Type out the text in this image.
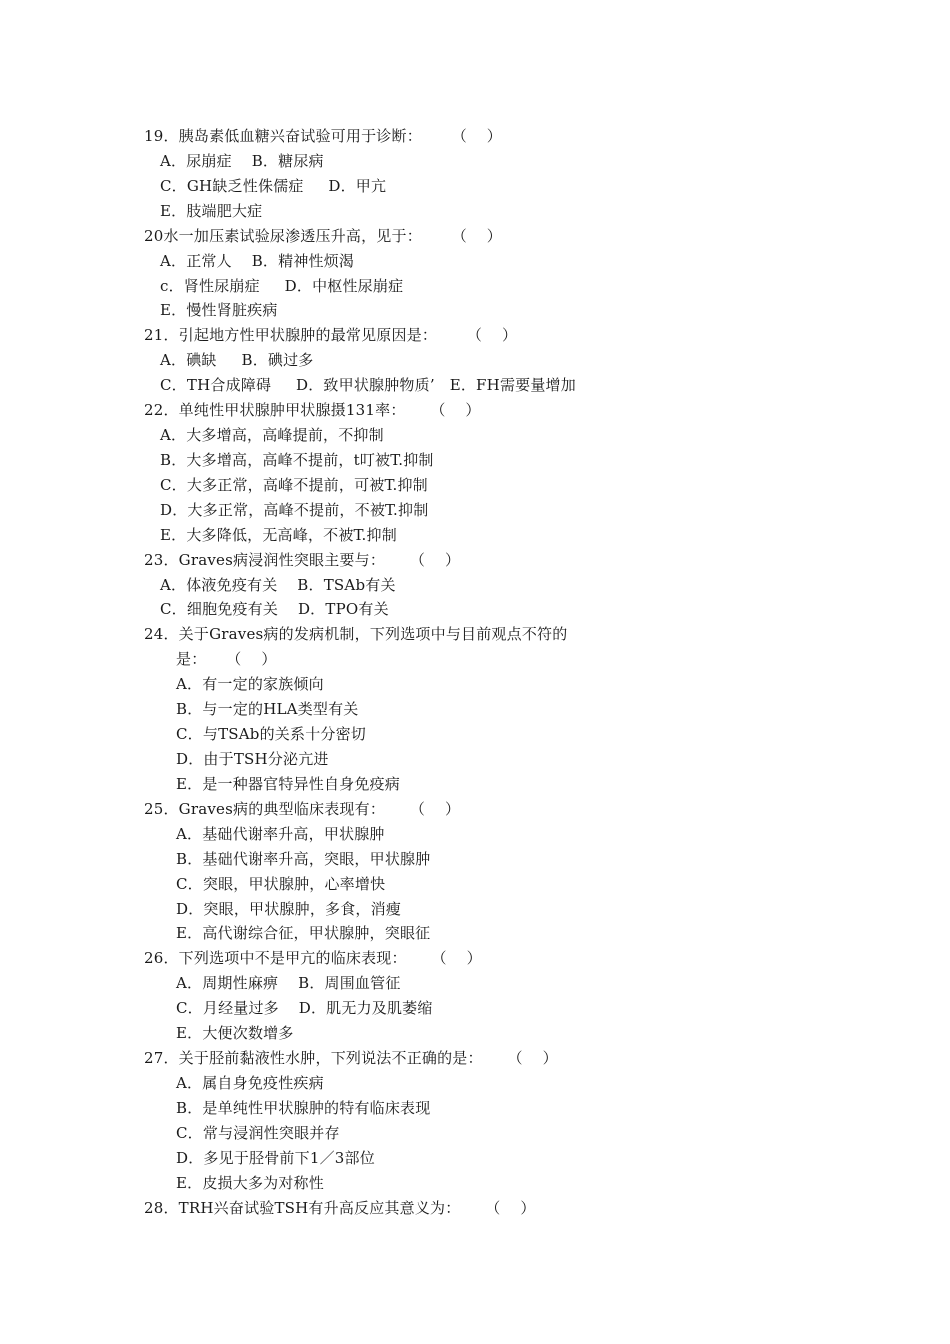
19．胰岛素低血糖兴奋试验可用于诊断：      （    ）
A．尿崩症    B．糖尿病
C．GH缺乏性侏儒症     D．甲亢
E．肢端肥大症
20水一加压素试验尿渗透压升高，见于：      （    ）
A．正常人    B．精神性烦渴
c．肾性尿崩症     D．中枢性尿崩症
E．慢性肾脏疾病
21．引起地方性甲状腺肿的最常见原因是：      （    ）
A．碘缺     B．碘过多
C．TH合成障碍     D．致甲状腺肿物质’   E．FH需要量增加
22．单纯性甲状腺肿甲状腺摄131率：     （    ）
A．大多增高，高峰提前，不抑制
B．大多增高，高峰不提前，t叮被T.抑制
C．大多正常，高峰不提前，可被T.抑制
D．大多正常，高峰不提前，不被T.抑制
E．大多降低，无高峰，不被T.抑制
23．Graves病浸润性突眼主要与：     （    ）
A．体液免疫有关    B．TSAb有关
C．细胞免疫有关    D．TPO有关
24．关于Graves病的发病机制，下列选项中与目前观点不符的
是：    （    ）
A．有一定的家族倾向
B．与一定的HLA类型有关
C．与TSAb的关系十分密切
D．由于TSH分泌亢进
E．是一种器官特异性自身免疫病
25．Graves病的典型临床表现有：     （    ）
A．基础代谢率升高，甲状腺肿
B．基础代谢率升高，突眼，甲状腺肿
C．突眼，甲状腺肿，心率增快
D．突眼，甲状腺肿，多食，消瘦
E．高代谢综合征，甲状腺肿，突眼征
26．下列选项中不是甲亢的临床表现：     （    ）
A．周期性麻痹    B．周围血管征
C．月经量过多    D．肌无力及肌萎缩
E．大便次数增多
27．关于胫前黏液性水肿，下列说法不正确的是：     （    ）
A．属自身免疫性疾病
B．是单纯性甲状腺肿的特有临床表现
C．常与浸润性突眼并存
D．多见于胫骨前下1／3部位
E．皮损大多为对称性
28．TRH兴奋试验TSH有升高反应其意义为：     （    ）
